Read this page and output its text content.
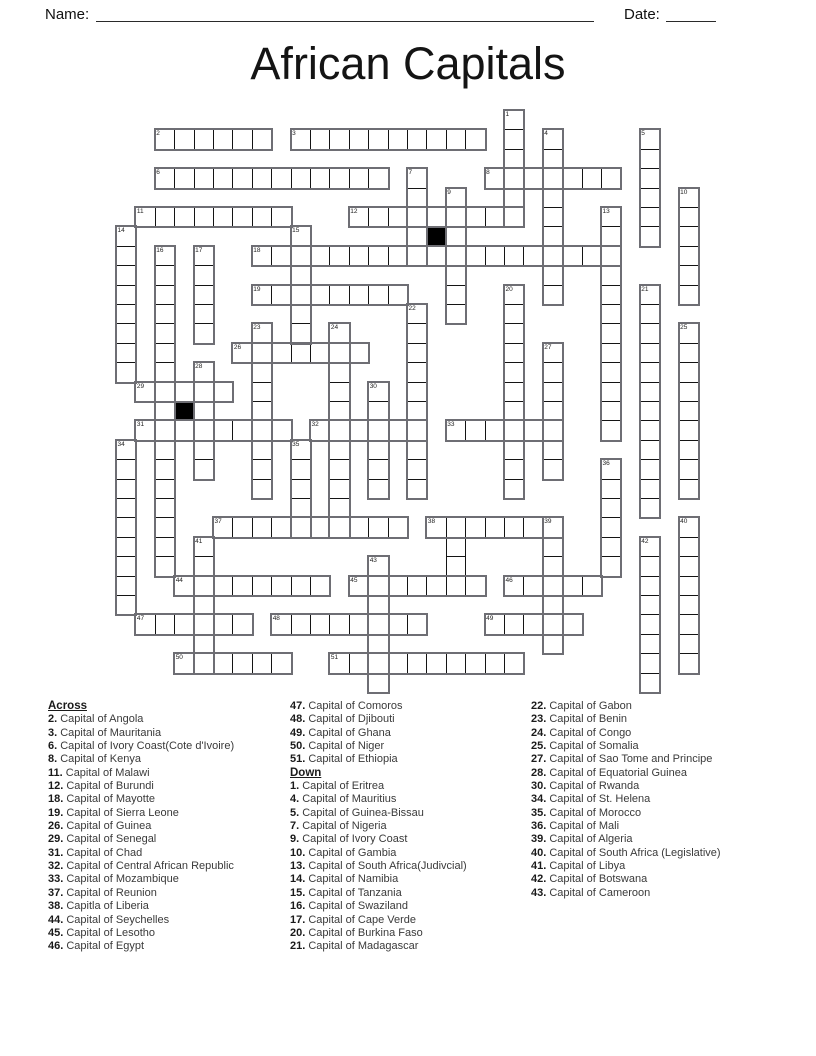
Name:	Date:
African Capitals
1
2	3	4	5
6	7	8
9	10
11	12	13
14	15
16	17	18
19	20	21
22
23	24	25
26	27
28
29	30
31	32	33
34	35
36
37	38	39	40
41	42
43
44	45	46
47	48	49
50	51
Across
2. Capital of Angola
3. Capital of Mauritania
6. Capital of Ivory Coast(Cote d'Ivoire)
8. Capital of Kenya
11. Capital of Malawi
12. Capital of Burundi
18. Capital of Mayotte
19. Capital of Sierra Leone
26. Capital of Guinea
29. Capital of Senegal
31. Capital of Chad
32. Capital of Central African Republic
33. Capital of Mozambique
37. Capital of Reunion
38. Capitla of Liberia
44. Capital of Seychelles
45. Capital of Lesotho
46. Capital of Egypt
47. Capital of Comoros
48. Capital of Djibouti
49. Capital of Ghana
50. Capital of Niger
51. Capital of Ethiopia
Down
1. Capital of Eritrea
4. Capital of Mauritius
5. Capital of Guinea-Bissau
7. Capital of Nigeria
9. Capital of Ivory Coast
10. Capital of Gambia
13. Capital of South Africa(Judivcial)
14. Capital of Namibia
15. Capital of Tanzania
16. Capital of Swaziland
17. Capital of Cape Verde
20. Capital of Burkina Faso
21. Capital of Madagascar
22. Capital of Gabon
23. Capital of Benin
24. Capital of Congo
25. Capital of Somalia
27. Capital of Sao Tome and Principe
28. Capital of Equatorial Guinea
30. Capital of Rwanda
34. Capital of St. Helena
35. Capital of Morocco
36. Capital of Mali
39. Capital of Algeria
40. Capital of South Africa (Legislative)
41. Capital of Libya
42. Capital of Botswana
43. Capital of Cameroon
